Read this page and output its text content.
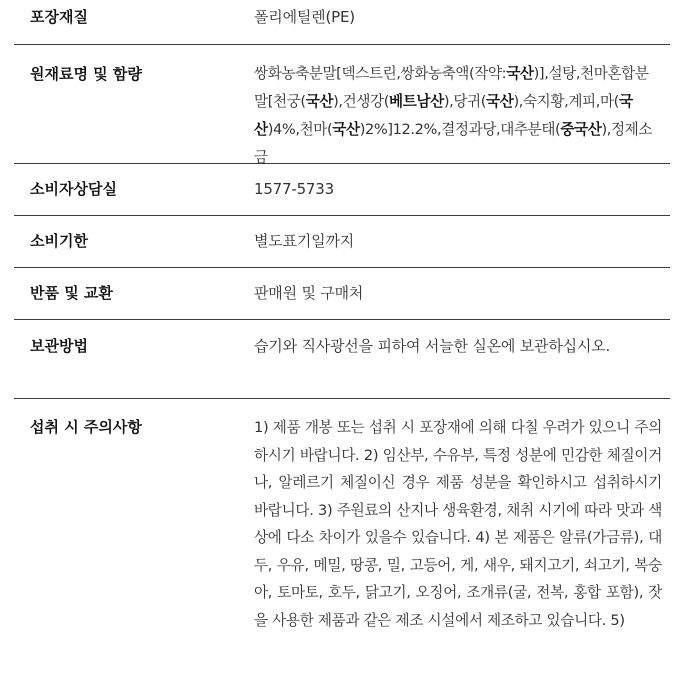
포장재질	폴리에틸렌(PE)
원재료명 및 함량	쌍화농축분말[덱스트린,쌍화농축액(작약:국산)],설탕,천마혼합분말[천궁(국산),건생강(베트남산),당귀(국산),숙지황,계피,마(국산)4%,천마(국산)2%]12.2%,결정과당,대추분태(중국산),정제소금
소비자상담실	1577-5733
소비기한	별도표기일까지
반품 및 교환	판매원 및 구매처
보관방법	습기와 직사광선을 피하여 서늘한 실온에 보관하십시오.
섭취 시 주의사항	1) 제품 개봉 또는 섭취 시 포장재에 의해 다칠 우려가 있으니 주의하시기 바랍니다. 2) 임산부, 수유부, 특정 성분에 민감한 체질이거나, 알레르기 체질이신 경우 제품 성분을 확인하시고 섭취하시기 바랍니다. 3) 주원료의 산지나 생육환경, 채취 시기에 따라 맛과 색상에 다소 차이가 있을수 있습니다. 4) 본 제품은 알류(가금류), 대두, 우유, 메밀, 땅콩, 밀, 고등어, 게, 새우, 돼지고기, 쇠고기, 복숭아, 토마토, 호두, 닭고기, 오징어, 조개류(굴, 전복, 홍합 포함), 잣을 사용한 제품과 같은 제조 시설에서 제조하고 있습니다. 5)
